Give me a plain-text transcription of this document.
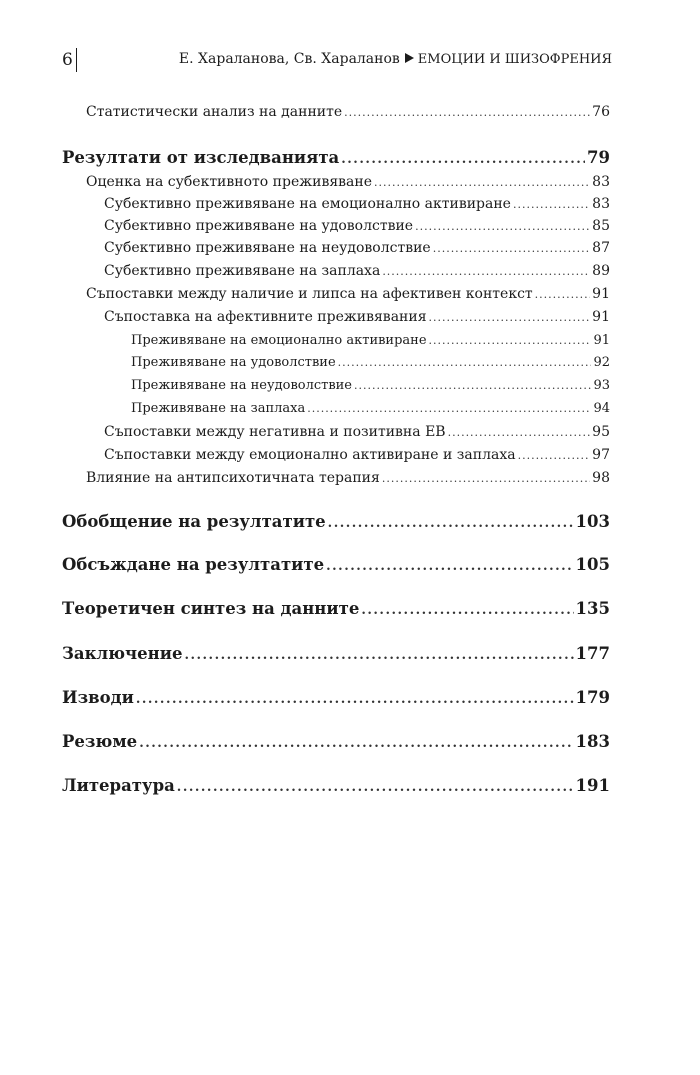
6	Е. Хараланова, Св. Хараланов ЕМОЦИИ И ШИЗОФРЕНИЯ
Статистически анализ на данните .....	76
Резултати от изследванията .....	79
Оценка на субективното преживяване .....	83
Субективно преживяване на емоционално активиране .....	83
Субективно преживяване на удоволствие .....	85
Субективно преживяване на неудоволствие .....	87
Субективно преживяване на заплаха .....	89
Съпоставки между наличие и липса на афективен контекст .....	91
Съпоставка на афективните преживявания .....	91
Преживяване на емоционално активиране .....	91
Преживяване на удоволствие .....	92
Преживяване на неудоволствие .....	93
Преживяване на заплаха .....	94
Съпоставки между негативна и позитивна ЕВ .....	95
Съпоставки между емоционално активиране и заплаха .....	97
Влияние на антипсихотичната терапия .....	98
Обобщение на резултатите .....	103
Обсъждане на резултатите .....	105
Теоретичен синтез на данните .....	135
Заключение .....	177
Изводи .....	179
Резюме .....	183
Литература .....	191
